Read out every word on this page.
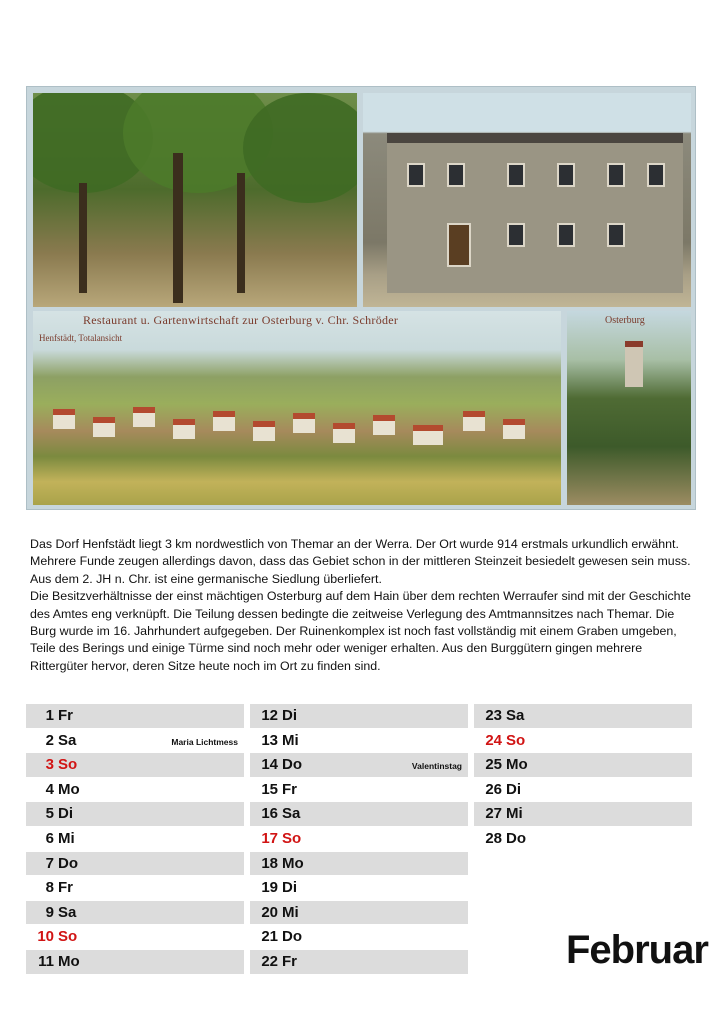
Restaurant u. Gartenwirtschaft zur Osterburg v. Chr. Schröder
Henfstädt, Totalansicht
Osterburg

Das Dorf Henfstädt liegt 3 km nordwestlich von Themar an der Werra. Der Ort wurde 914 erstmals urkundlich erwähnt. Mehrere Funde zeugen allerdings davon, dass das Gebiet schon in der mittleren Steinzeit besiedelt gewesen sein muss. Aus dem 2. JH n. Chr. ist eine germanische Siedlung überliefert.

Die Besitzverhältnisse der einst mächtigen Osterburg auf dem Hain über dem rechten Werraufer sind mit der Geschichte des Amtes eng verknüpft. Die Teilung dessen bedingte die zeitweise Verlegung des Amtmannsitzes nach Themar. Die Burg wurde im 16. Jahrhundert aufgegeben. Der Ruinenkomplex ist noch fast vollständig mit einem Graben umgeben, Teile des Berings und einige Türme sind noch mehr oder weniger erhalten. Aus den Burggütern gingen mehrere Rittergüter hervor, deren Sitze heute noch im Ort zu finden sind.

1 Fr
2 Sa	Maria Lichtmess
3 So
4 Mo
5 Di
6 Mi
7 Do
8 Fr
9 Sa
10 So
11 Mo
12 Di
13 Mi
14 Do	Valentinstag
15 Fr
16 Sa
17 So
18 Mo
19 Di
20 Mi
21 Do
22 Fr
23 Sa
24 So
25 Mo
26 Di
27 Mi
28 Do
Februar
